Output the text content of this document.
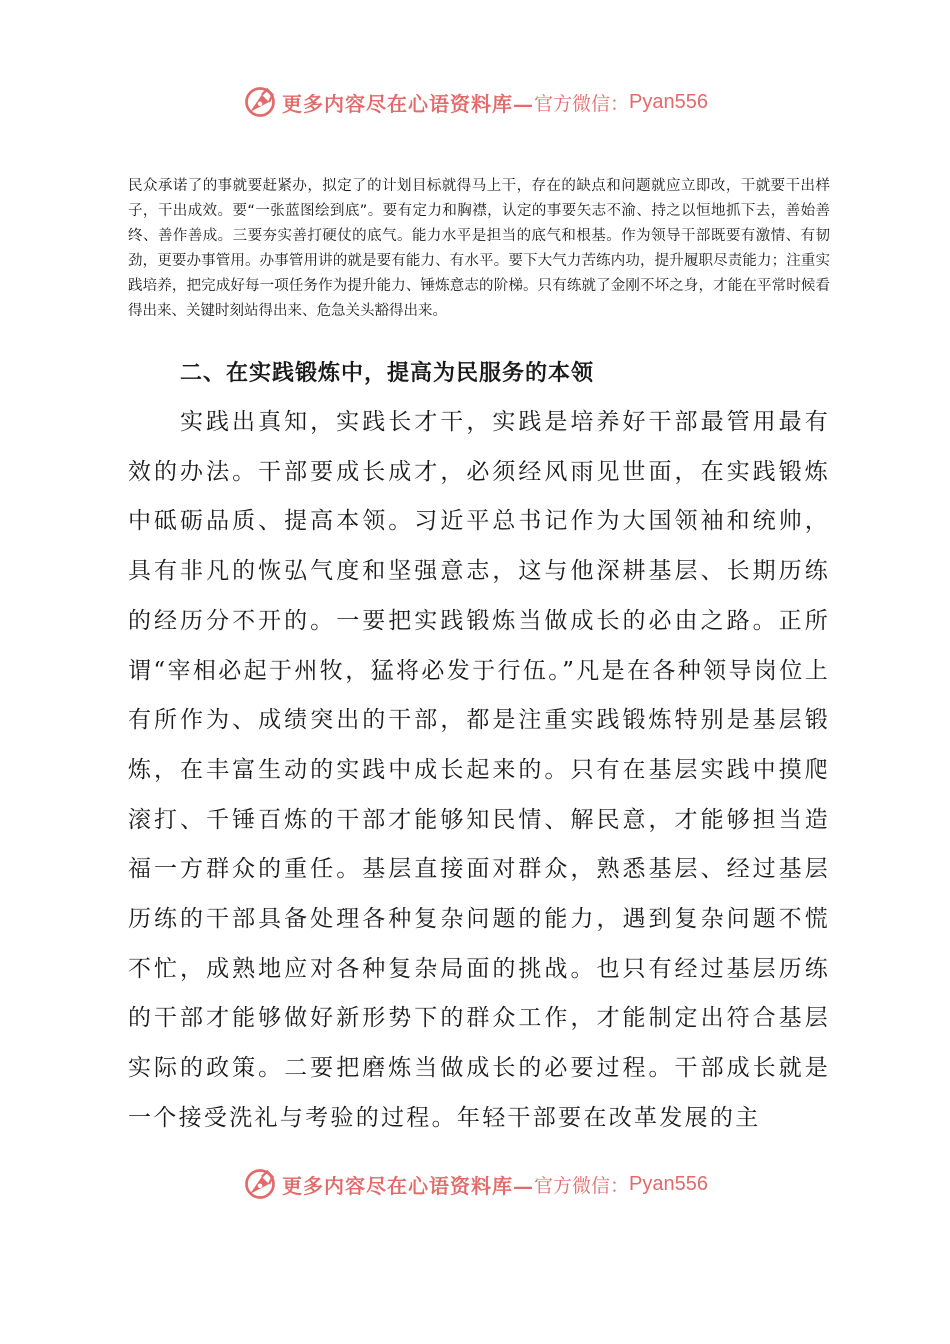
更多内容尽在心语资料库— 官方微信： Pyan556

民众承诺了的事就要赶紧办，拟定了的计划目标就得马上干，存在的缺点和问题就应立即改，干就要干出样子，干出成效。要“一张蓝图绘到底”。要有定力和胸襟，认定的事要矢志不渝、持之以恒地抓下去，善始善终、善作善成。三要夯实善打硬仗的底气。能力水平是担当的底气和根基。作为领导干部既要有激情、有韧劲，更要办事管用。办事管用讲的就是要有能力、有水平。要下大气力苦练内功，提升履职尽责能力；注重实践培养，把完成好每一项任务作为提升能力、锤炼意志的阶梯。只有练就了金刚不坏之身，才能在平常时候看得出来、关键时刻站得出来、危急关头豁得出来。

二、在实践锻炼中，提高为民服务的本领

实践出真知，实践长才干，实践是培养好干部最管用最有效的办法。干部要成长成才，必须经风雨见世面，在实践锻炼中砥砺品质、提高本领。习近平总书记作为大国领袖和统帅，具有非凡的恢弘气度和坚强意志，这与他深耕基层、长期历练的经历分不开的。一要把实践锻炼当做成长的必由之路。正所谓“宰相必起于州牧，猛将必发于行伍。”凡是在各种领导岗位上有所作为、成绩突出的干部，都是注重实践锻炼特别是基层锻炼，在丰富生动的实践中成长起来的。只有在基层实践中摸爬滚打、千锤百炼的干部才能够知民情、解民意，才能够担当造福一方群众的重任。基层直接面对群众，熟悉基层、经过基层历练的干部具备处理各种复杂问题的能力，遇到复杂问题不慌不忙，成熟地应对各种复杂局面的挑战。也只有经过基层历练的干部才能够做好新形势下的群众工作，才能制定出符合基层实际的政策。二要把磨炼当做成长的必要过程。干部成长就是一个接受洗礼与考验的过程。年轻干部要在改革发展的主

更多内容尽在心语资料库— 官方微信： Pyan556
